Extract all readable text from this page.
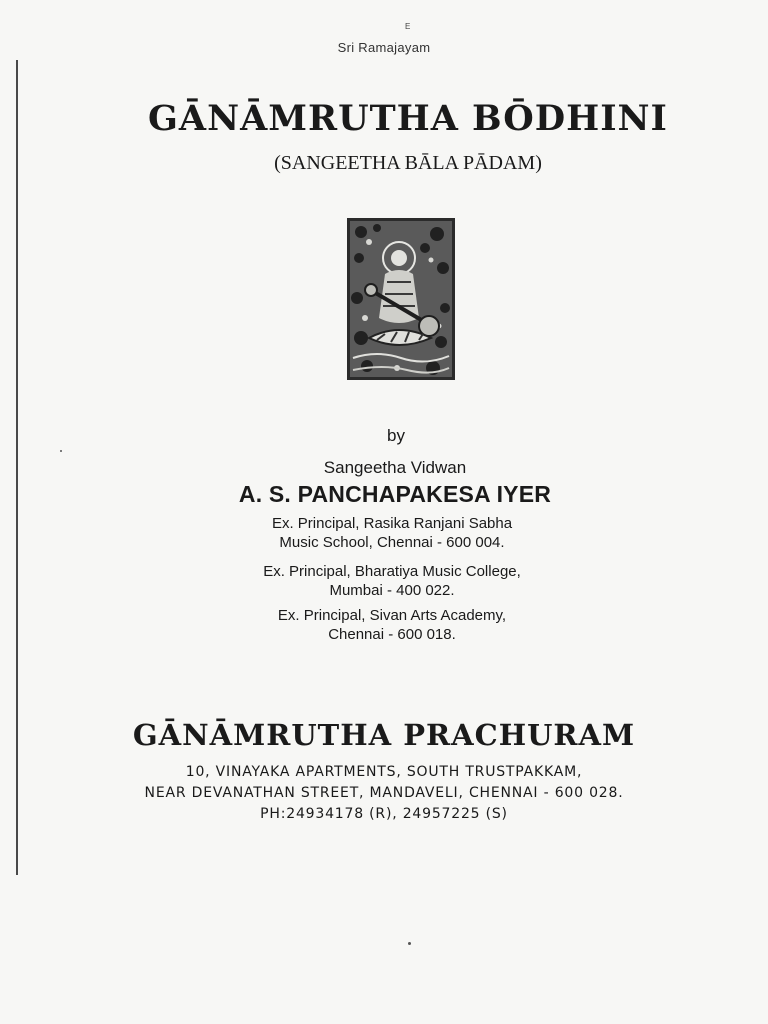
E
Sri Ramajayam
GĀNĀMRUTHA BŌDHINI
(SANGEETHA BĀLA PĀDAM)
by
Sangeetha Vidwan
A. S. PANCHAPAKESA IYER
Ex. Principal, Rasika Ranjani Sabha
Music School, Chennai - 600 004.
Ex. Principal, Bharatiya Music College,
Mumbai - 400 022.
Ex. Principal, Sivan Arts Academy,
Chennai - 600 018.
GĀNĀMRUTHA PRACHURAM
10, VINAYAKA APARTMENTS, SOUTH TRUSTPAKKAM,
NEAR DEVANATHAN STREET, MANDAVELI, CHENNAI - 600 028.
PH:24934178 (R), 24957225 (S)
